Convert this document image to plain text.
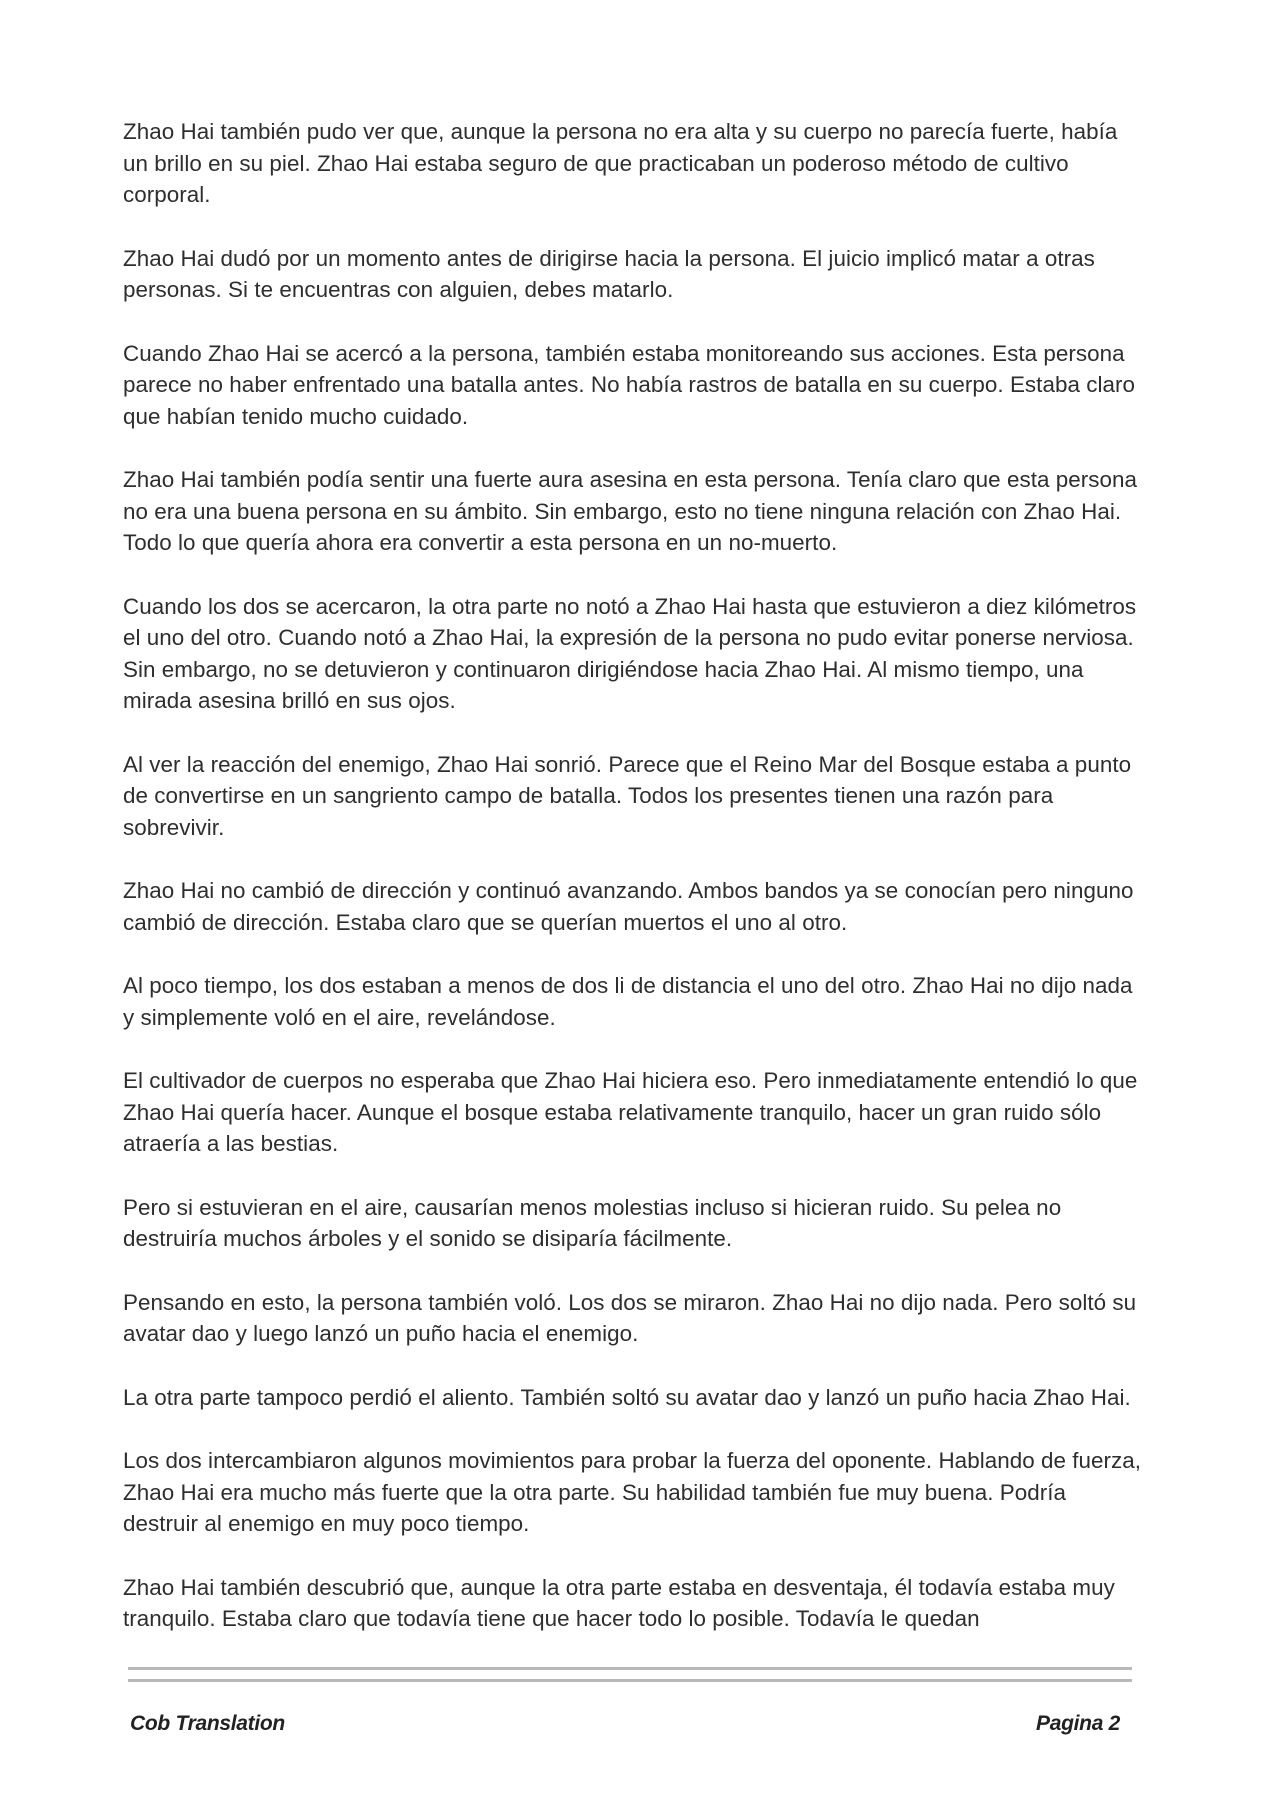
Zhao Hai también pudo ver que, aunque la persona no era alta y su cuerpo no parecía fuerte, había un brillo en su piel. Zhao Hai estaba seguro de que practicaban un poderoso método de cultivo corporal.

Zhao Hai dudó por un momento antes de dirigirse hacia la persona. El juicio implicó matar a otras personas. Si te encuentras con alguien, debes matarlo.

Cuando Zhao Hai se acercó a la persona, también estaba monitoreando sus acciones. Esta persona parece no haber enfrentado una batalla antes. No había rastros de batalla en su cuerpo. Estaba claro que habían tenido mucho cuidado.

Zhao Hai también podía sentir una fuerte aura asesina en esta persona. Tenía claro que esta persona no era una buena persona en su ámbito. Sin embargo, esto no tiene ninguna relación con Zhao Hai. Todo lo que quería ahora era convertir a esta persona en un no-muerto.

Cuando los dos se acercaron, la otra parte no notó a Zhao Hai hasta que estuvieron a diez kilómetros el uno del otro. Cuando notó a Zhao Hai, la expresión de la persona no pudo evitar ponerse nerviosa. Sin embargo, no se detuvieron y continuaron dirigiéndose hacia Zhao Hai. Al mismo tiempo, una mirada asesina brilló en sus ojos.

Al ver la reacción del enemigo, Zhao Hai sonrió. Parece que el Reino Mar del Bosque estaba a punto de convertirse en un sangriento campo de batalla. Todos los presentes tienen una razón para sobrevivir.

Zhao Hai no cambió de dirección y continuó avanzando. Ambos bandos ya se conocían pero ninguno cambió de dirección. Estaba claro que se querían muertos el uno al otro.

Al poco tiempo, los dos estaban a menos de dos li de distancia el uno del otro. Zhao Hai no dijo nada y simplemente voló en el aire, revelándose.

El cultivador de cuerpos no esperaba que Zhao Hai hiciera eso. Pero inmediatamente entendió lo que Zhao Hai quería hacer. Aunque el bosque estaba relativamente tranquilo, hacer un gran ruido sólo atraería a las bestias.

Pero si estuvieran en el aire, causarían menos molestias incluso si hicieran ruido. Su pelea no destruiría muchos árboles y el sonido se disiparía fácilmente.

Pensando en esto, la persona también voló. Los dos se miraron. Zhao Hai no dijo nada. Pero soltó su avatar dao y luego lanzó un puño hacia el enemigo.

La otra parte tampoco perdió el aliento. También soltó su avatar dao y lanzó un puño hacia Zhao Hai.

Los dos intercambiaron algunos movimientos para probar la fuerza del oponente. Hablando de fuerza, Zhao Hai era mucho más fuerte que la otra parte. Su habilidad también fue muy buena. Podría destruir al enemigo en muy poco tiempo.

Zhao Hai también descubrió que, aunque la otra parte estaba en desventaja, él todavía estaba muy tranquilo. Estaba claro que todavía tiene que hacer todo lo posible. Todavía le quedan

Cob Translation	Pagina 2
